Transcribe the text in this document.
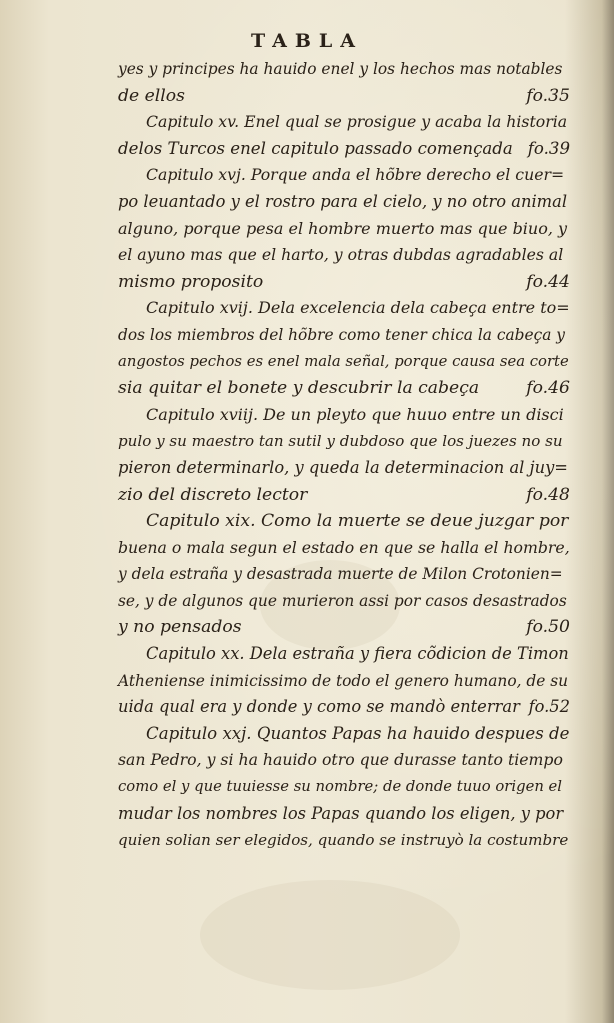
TABLA
yes y principes ha hauido enel y los hechos mas notables
de ellos	fo.35
Capitulo xv. Enel qual se prosigue y acaba la historia
delos Turcos enel capitulo passado començada fo.39
Capitulo xvj. Porque anda el hõbre derecho el cuer=
po leuantado y el rostro para el cielo, y no otro animal
alguno, porque pesa el hombre muerto mas que biuo, y
el ayuno mas que el harto, y otras dubdas agradables al
mismo proposito	fo.44
Capitulo xvij. Dela excelencia dela cabeça entre to=
dos los miembros del hõbre como tener chica la cabeça y
angostos pechos es enel mala señal, porque causa sea corte
sia quitar el bonete y descubrir la cabeça	fo.46
Capitulo xviij. De un pleyto que huuo entre un disci
pulo y su maestro tan sutil y dubdoso que los juezes no su
pieron determinarlo, y queda la determinacion al juy=
zio del discreto lector	fo.48
Capitulo xix. Como la muerte se deue juzgar por
buena o mala segun el estado en que se halla el hombre,
y dela estraña y desastrada muerte de Milon Crotonien=
se, y de algunos que murieron assi por casos desastrados
y no pensados	fo.50
Capitulo xx. Dela estraña y fiera cõdicion de Timon
Atheniense inimicissimo de todo el genero humano, de su
uida qual era y donde y como se mandò enterrar fo.52
Capitulo xxj. Quantos Papas ha hauido despues de
san Pedro, y si ha hauido otro que durasse tanto tiempo
como el y que tuuiesse su nombre; de donde tuuo origen el
mudar los nombres los Papas quando los eligen, y por
quien solian ser elegidos, quando se instruyò la costumbre
